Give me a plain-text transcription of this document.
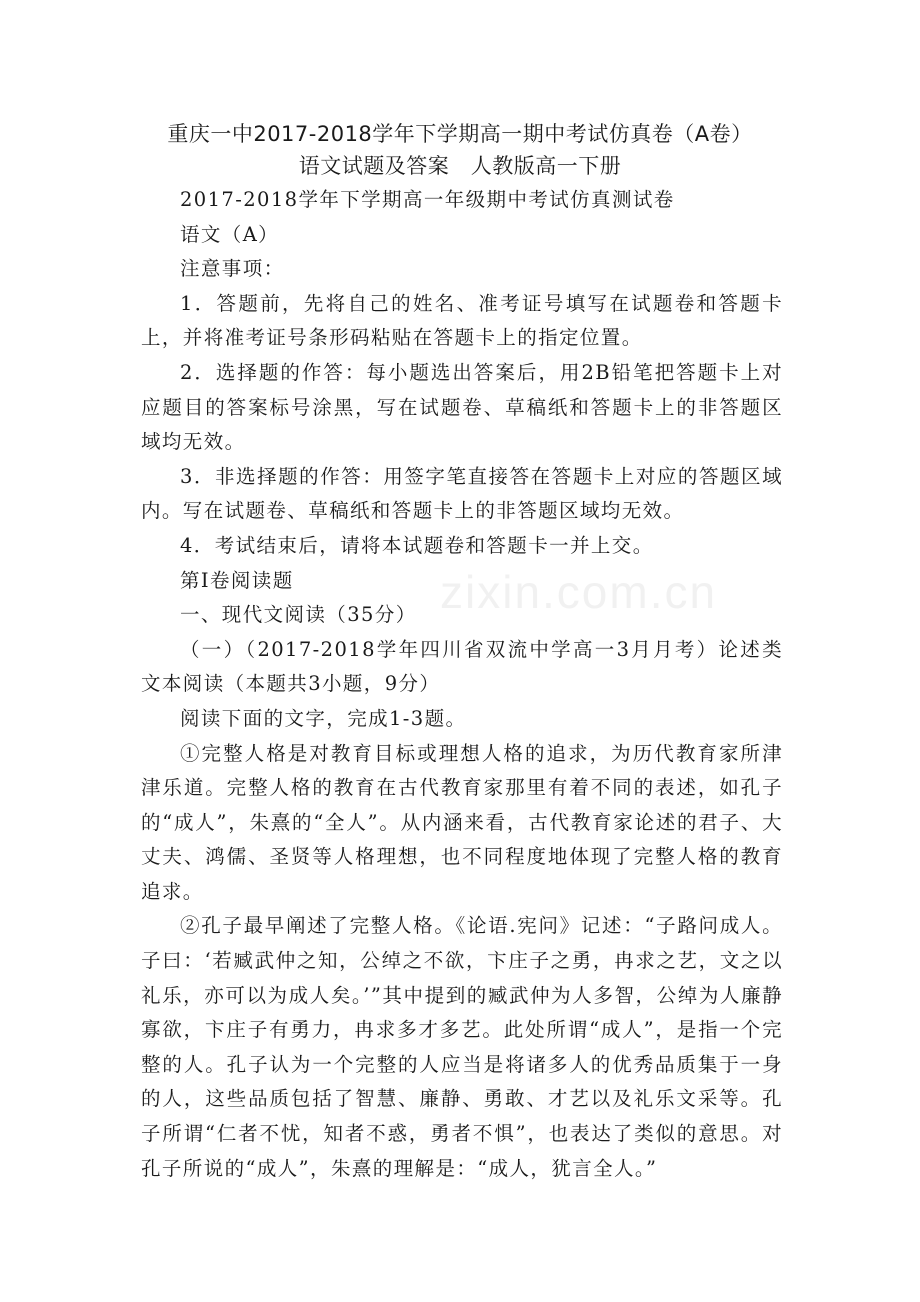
重庆一中2017-2018学年下学期高一期中考试仿真卷（A卷）
语文试题及答案　人教版高一下册

2017-2018学年下学期高一年级期中考试仿真测试卷

语文（A）

注意事项：

1．答题前，先将自己的姓名、准考证号填写在试题卷和答题卡上，并将准考证号条形码粘贴在答题卡上的指定位置。

2．选择题的作答：每小题选出答案后，用2B铅笔把答题卡上对应题目的答案标号涂黑，写在试题卷、草稿纸和答题卡上的非答题区域均无效。

3．非选择题的作答：用签字笔直接答在答题卡上对应的答题区域内。写在试题卷、草稿纸和答题卡上的非答题区域均无效。

4．考试结束后，请将本试题卷和答题卡一并上交。

第Ⅰ卷阅读题

一、现代文阅读（35分）

（一）（2017-2018学年四川省双流中学高一3月月考）论述类文本阅读（本题共3小题，9分）

阅读下面的文字，完成1-3题。

①完整人格是对教育目标或理想人格的追求，为历代教育家所津津乐道。完整人格的教育在古代教育家那里有着不同的表述，如孔子的“成人”，朱熹的“全人”。从内涵来看，古代教育家论述的君子、大丈夫、鸿儒、圣贤等人格理想，也不同程度地体现了完整人格的教育追求。

②孔子最早阐述了完整人格。《论语.宪问》记述：“子路问成人。子曰：‘若臧武仲之知，公绰之不欲，卞庄子之勇，冉求之艺，文之以礼乐，亦可以为成人矣。’”其中提到的臧武仲为人多智，公绰为人廉静寡欲，卞庄子有勇力，冉求多才多艺。此处所谓“成人”，是指一个完整的人。孔子认为一个完整的人应当是将诸多人的优秀品质集于一身的人，这些品质包括了智慧、廉静、勇敢、才艺以及礼乐文采等。孔子所谓“仁者不忧，知者不惑，勇者不惧”，也表达了类似的意思。对孔子所说的“成人”，朱熹的理解是：“成人，犹言全人。”

zixin.com.cn
